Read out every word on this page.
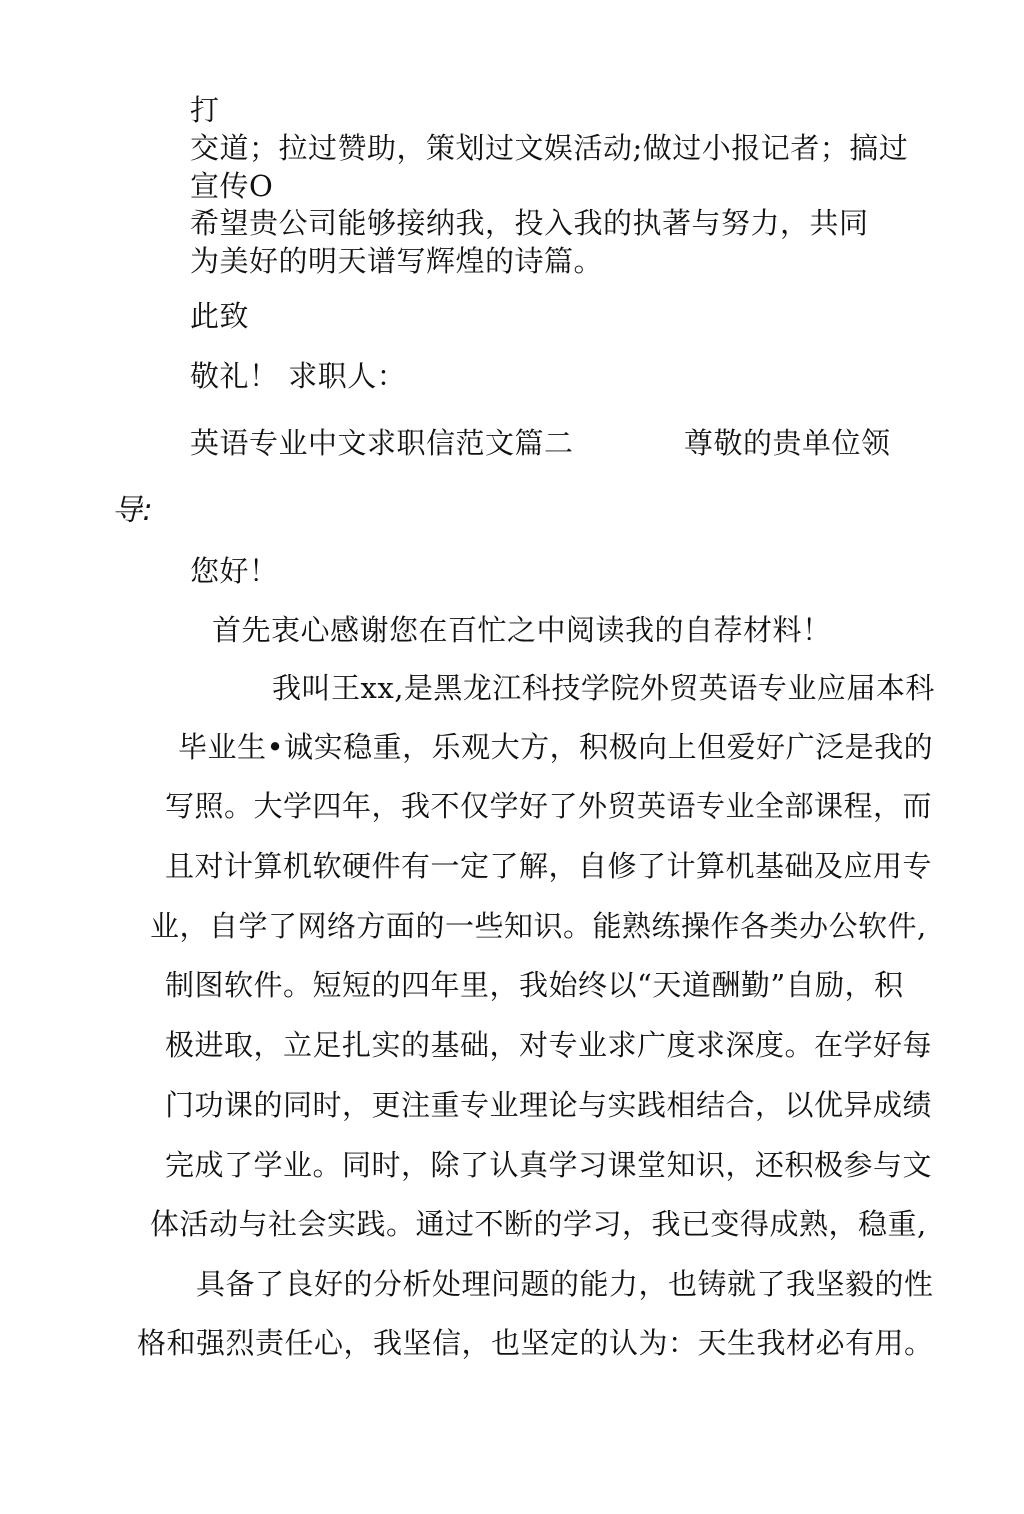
打
交道；拉过赞助，策划过文娱活动;做过小报记者；搞过
宣传O
希望贵公司能够接纳我，投入我的执著与努力，共同
为美好的明天谱写辉煌的诗篇。
此致
敬礼！ 求职人：
英语专业中文求职信范文篇二	尊敬的贵单位领
导:
您好！
首先衷心感谢您在百忙之中阅读我的自荐材料！
我叫王xx,是黑龙江科技学院外贸英语专业应届本科
毕业生•诚实稳重，乐观大方，积极向上但爱好广泛是我的
写照。大学四年，我不仅学好了外贸英语专业全部课程，而
且对计算机软硬件有一定了解，自修了计算机基础及应用专
业，自学了网络方面的一些知识。能熟练操作各类办公软件,
制图软件。短短的四年里，我始终以“天道酬勤”自励，积
极进取，立足扎实的基础，对专业求广度求深度。在学好每
门功课的同时，更注重专业理论与实践相结合，以优异成绩
完成了学业。同时，除了认真学习课堂知识，还积极参与文
体活动与社会实践。通过不断的学习，我已变得成熟，稳重,
具备了良好的分析处理问题的能力，也铸就了我坚毅的性
格和强烈责任心，我坚信，也坚定的认为：天生我材必有用。
